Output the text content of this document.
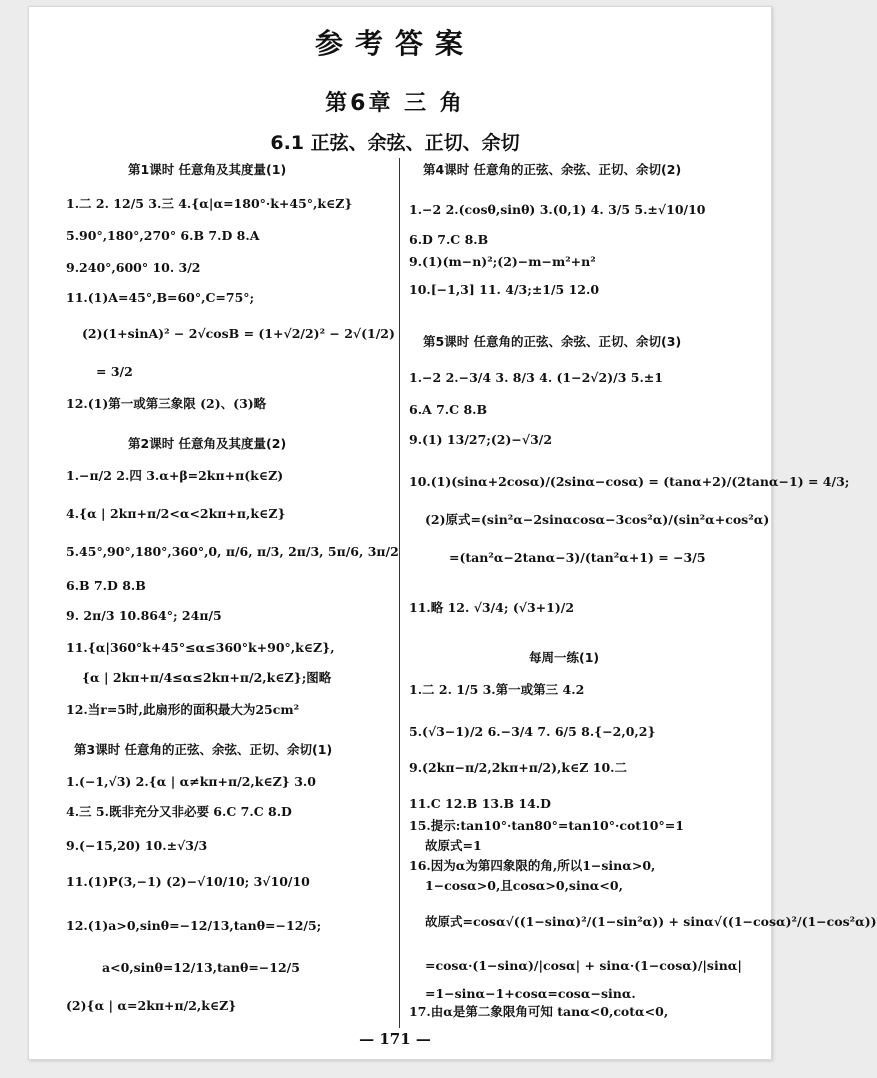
参考答案
第6章 三 角
6.1 正弦、余弦、正切、余切
第1课时 任意角及其度量(1)
1.二 2. 12/5 3.三 4.{α|α=180°·k+45°,k∈Z}
5.90°,180°,270° 6.B 7.D 8.A
9.240°,600° 10. 3/2
11.(1)A=45°,B=60°,C=75°;
(2)(1+sinA)² − 2√cosB = (1+√2/2)² − 2√(1/2)
= 3/2
12.(1)第一或第三象限 (2)、(3)略
第2课时 任意角及其度量(2)
1.−π/2 2.四 3.α+β=2kπ+π(k∈Z)
4.{α | 2kπ+π/2<α<2kπ+π,k∈Z}
5.45°,90°,180°,360°,0, π/6, π/3, 2π/3, 5π/6, 3π/2
6.B 7.D 8.B
9. 2π/3 10.864°; 24π/5
11.{α|360°k+45°≤α≤360°k+90°,k∈Z},
{α | 2kπ+π/4≤α≤2kπ+π/2,k∈Z};图略
12.当r=5时,此扇形的面积最大为25cm²
第3课时 任意角的正弦、余弦、正切、余切(1)
1.(−1,√3) 2.{α | α≠kπ+π/2,k∈Z} 3.0
4.三 5.既非充分又非必要 6.C 7.C 8.D
9.(−15,20) 10.±√3/3
11.(1)P(3,−1) (2)−√10/10; 3√10/10
12.(1)a>0,sinθ=−12/13,tanθ=−12/5;
a<0,sinθ=12/13,tanθ=−12/5
(2){α | α=2kπ+π/2,k∈Z}
第4课时 任意角的正弦、余弦、正切、余切(2)
1.−2 2.(cosθ,sinθ) 3.(0,1) 4. 3/5 5.±√10/10
6.D 7.C 8.B
9.(1)(m−n)²;(2)−m−m²+n²
10.[−1,3] 11. 4/3;±1/5 12.0
第5课时 任意角的正弦、余弦、正切、余切(3)
1.−2 2.−3/4 3. 8/3 4. (1−2√2)/3 5.±1
6.A 7.C 8.B
9.(1) 13/27;(2)−√3/2
10.(1)(sinα+2cosα)/(2sinα−cosα) = (tanα+2)/(2tanα−1) = 4/3;
(2)原式=(sin²α−2sinαcosα−3cos²α)/(sin²α+cos²α)
=(tan²α−2tanα−3)/(tan²α+1) = −3/5
11.略 12. √3/4; (√3+1)/2
每周一练(1)
1.二 2. 1/5 3.第一或第三 4.2
5.(√3−1)/2 6.−3/4 7. 6/5 8.{−2,0,2}
9.(2kπ−π/2,2kπ+π/2),k∈Z 10.二
11.C 12.B 13.B 14.D
15.提示:tan10°·tan80°=tan10°·cot10°=1
故原式=1
16.因为α为第四象限的角,所以1−sinα>0,
1−cosα>0,且cosα>0,sinα<0,
故原式=cosα√((1−sinα)²/(1−sin²α)) + sinα√((1−cosα)²/(1−cos²α))
=cosα·(1−sinα)/|cosα| + sinα·(1−cosα)/|sinα|
=1−sinα−1+cosα=cosα−sinα.
17.由α是第二象限角可知 tanα<0,cotα<0,
— 171 —
